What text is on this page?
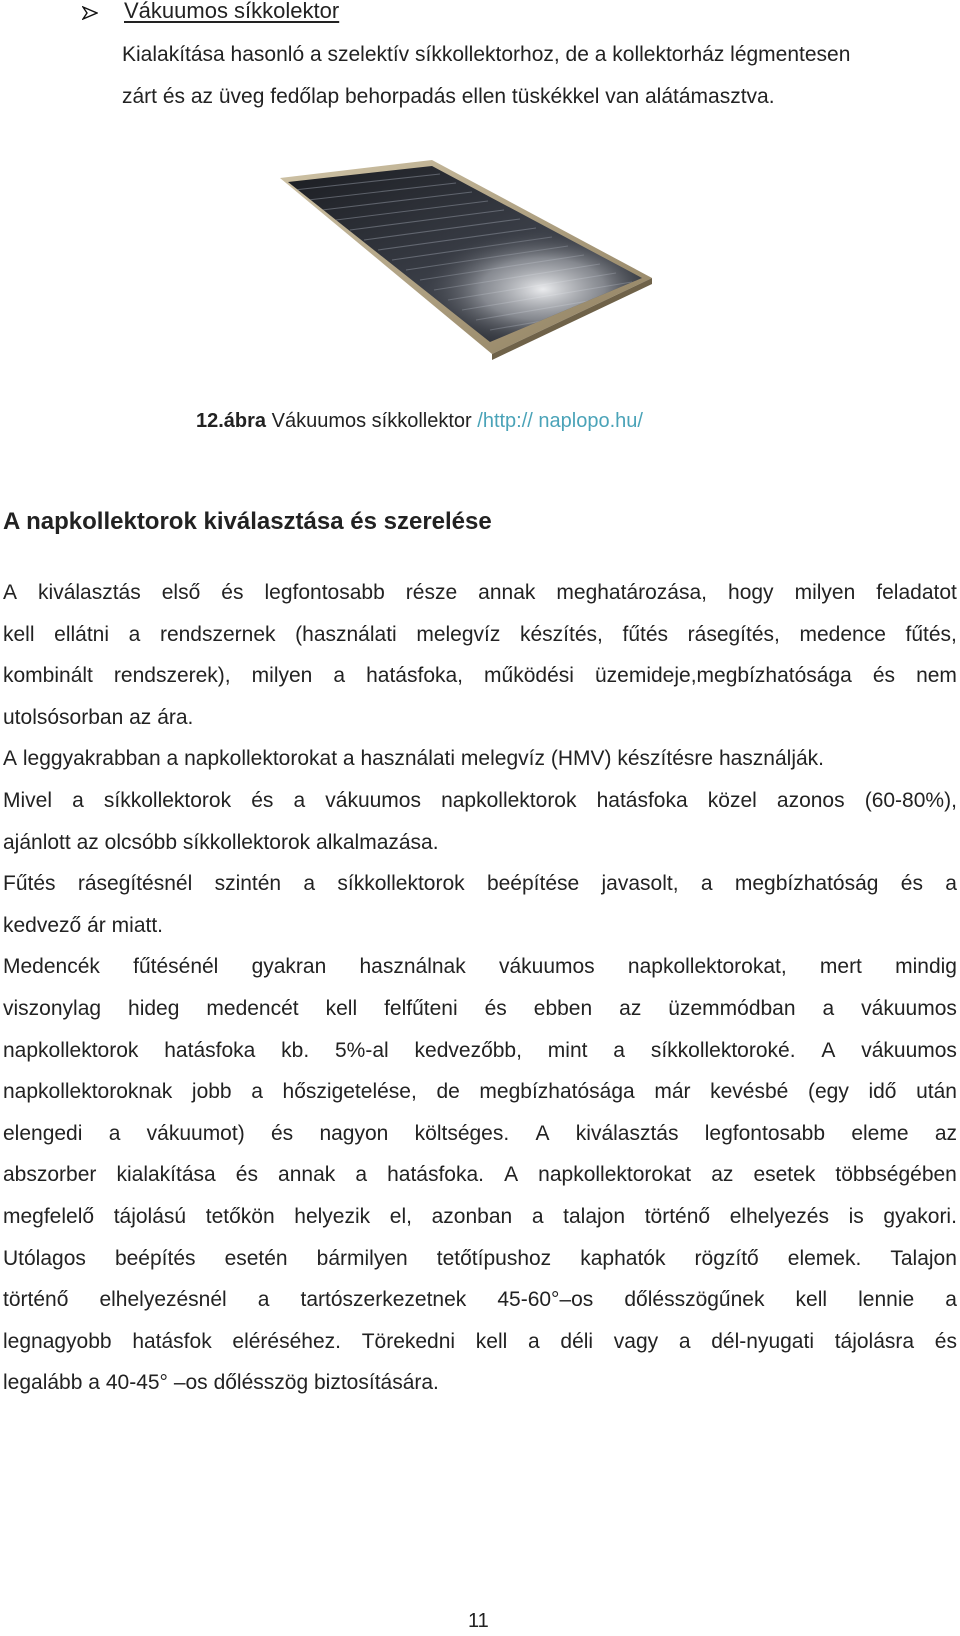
Vákuumos síkkolektor

Kialakítása hasonló a szelektív síkkollektorhoz, de a kollektorház légmentesen

zárt és az üveg fedőlap behorpadás ellen tüskékkel van alátámasztva.

12.ábra Vákuumos síkkollektor /http:// naplopo.hu/
A napkollektorok kiválasztása és szerelése
A kiválasztás első és legfontosabb része annak meghatározása, hogy milyen feladatot
kell ellátni a rendszernek (használati melegvíz készítés, fűtés rásegítés, medence fűtés,
kombinált rendszerek), milyen a hatásfoka, működési üzemideje,megbízhatósága és nem
utolsósorban az ára.
A leggyakrabban a napkollektorokat a használati melegvíz (HMV) készítésre használják.
Mivel a síkkollektorok és a vákuumos napkollektorok hatásfoka közel azonos (60-80%),
ajánlott az olcsóbb síkkollektorok alkalmazása.
Fűtés rásegítésnél szintén a síkkollektorok beépítése javasolt, a megbízhatóság és a
kedvező ár miatt.
Medencék fűtésénél gyakran használnak vákuumos napkollektorokat, mert mindig
viszonylag hideg medencét kell felfűteni és ebben az üzemmódban a vákuumos
napkollektorok hatásfoka kb. 5%-al kedvezőbb, mint a síkkollektoroké. A vákuumos
napkollektoroknak jobb a hőszigetelése, de megbízhatósága már kevésbé (egy idő után
elengedi a vákuumot) és nagyon költséges. A kiválasztás legfontosabb eleme az
abszorber kialakítása és annak a hatásfoka. A napkollektorokat az esetek többségében
megfelelő tájolású tetőkön helyezik el, azonban a talajon történő elhelyezés is gyakori.
Utólagos beépítés esetén bármilyen tetőtípushoz kaphatók rögzítő elemek. Talajon
történő elhelyezésnél a tartószerkezetnek 45-60°–os dőlésszögűnek kell lennie a
legnagyobb hatásfok eléréséhez. Törekedni kell a déli vagy a dél-nyugati tájolásra és
legalább a 40-45° –os dőlésszög biztosítására.
11
